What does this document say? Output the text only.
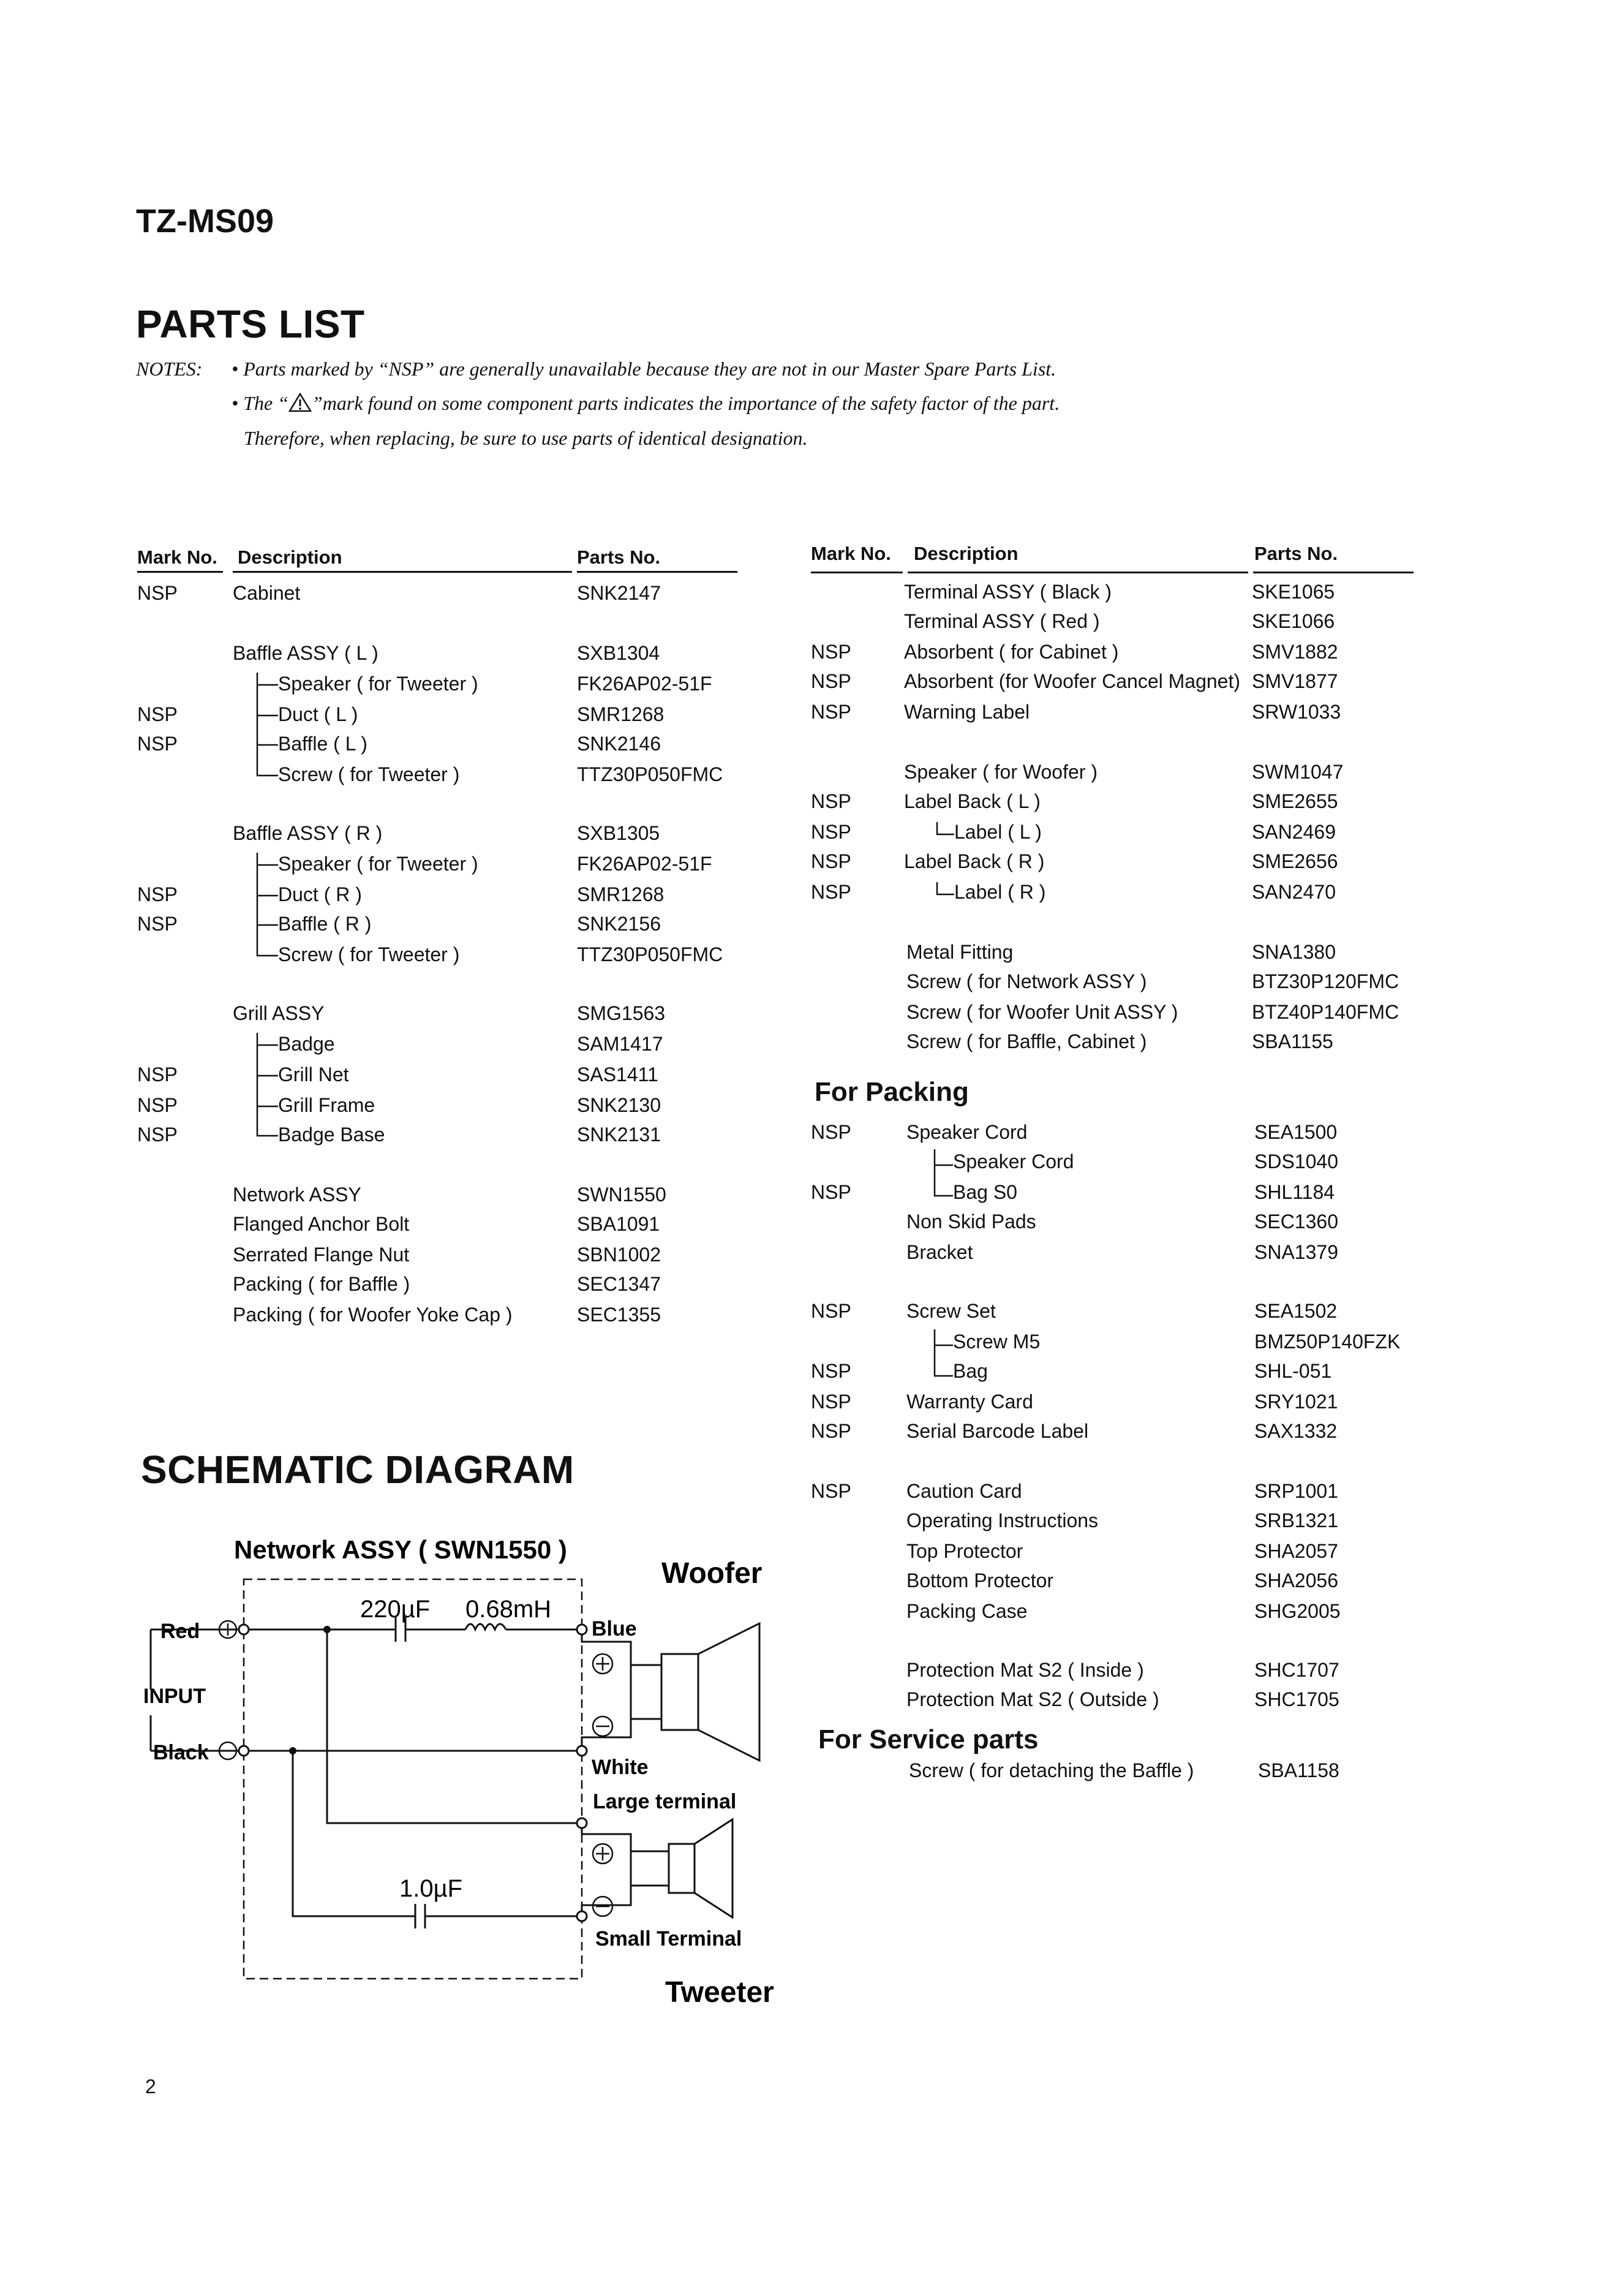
TZ-MS09
PARTS LIST
NOTES: • Parts marked by “NSP” are generally unavailable because they are not in our Master Spare Parts List.
• The “ ”mark found on some component parts indicates the importance of the safety factor of the part.
Therefore, when replacing, be sure to use parts of identical designation.
Mark No. Description	Parts No.	Mark No. Description	Parts No.
NSP	Cabinet	SNK2147
Baffle ASSY ( L )	SXB1304
Speaker ( for Tweeter )	FK26AP02-51F
NSP	Duct ( L )	SMR1268
NSP	Baffle ( L )	SNK2146
Screw ( for Tweeter )	TTZ30P050FMC
Baffle ASSY ( R )	SXB1305
Speaker ( for Tweeter )	FK26AP02-51F
NSP	Duct ( R )	SMR1268
NSP	Baffle ( R )	SNK2156
Screw ( for Tweeter )	TTZ30P050FMC
Grill ASSY	SMG1563
Badge	SAM1417
NSP	Grill Net	SAS1411
NSP	Grill Frame	SNK2130
NSP	Badge Base	SNK2131
Network ASSY	SWN1550
Flanged Anchor Bolt	SBA1091
Serrated Flange Nut	SBN1002
Packing ( for Baffle )	SEC1347
Packing ( for Woofer Yoke Cap )	SEC1355
Terminal ASSY ( Black )	SKE1065
Terminal ASSY ( Red )	SKE1066
NSP	Absorbent ( for Cabinet )	SMV1882
NSP	Absorbent (for Woofer Cancel Magnet) SMV1877
NSP	Warning Label	SRW1033
Speaker ( for Woofer )	SWM1047
NSP	Label Back ( L )	SME2655
NSP	Label ( L )	SAN2469
NSP	Label Back ( R )	SME2656
NSP	Label ( R )	SAN2470
Metal Fitting	SNA1380
Screw ( for Network ASSY )	BTZ30P120FMC
Screw ( for Woofer Unit ASSY )	BTZ40P140FMC
Screw ( for Baffle, Cabinet )	SBA1155
NSP	Speaker Cord	SEA1500
Speaker Cord	SDS1040
NSP	Bag S0	SHL1184
Non Skid Pads	SEC1360
Bracket	SNA1379
NSP	Screw Set	SEA1502
Screw M5	BMZ50P140FZK
NSP	Bag	SHL-051
NSP	Warranty Card	SRY1021
NSP	Serial Barcode Label	SAX1332
NSP	Caution Card	SRP1001
Operating Instructions	SRB1321
Top Protector	SHA2057
Bottom Protector	SHA2056
Packing Case	SHG2005
Protection Mat S2 ( Inside )	SHC1707
Protection Mat S2 ( Outside )	SHC1705
Screw ( for detaching the Baffle )	SBA1158
For Packing
For Service parts
SCHEMATIC DIAGRAM
Network ASSY ( SWN1550 )
Woofer
Tweeter
Red
Black
INPUT
220µF 0.68mH
1.0µF
Blue
White
Large terminal
Small Terminal
2
